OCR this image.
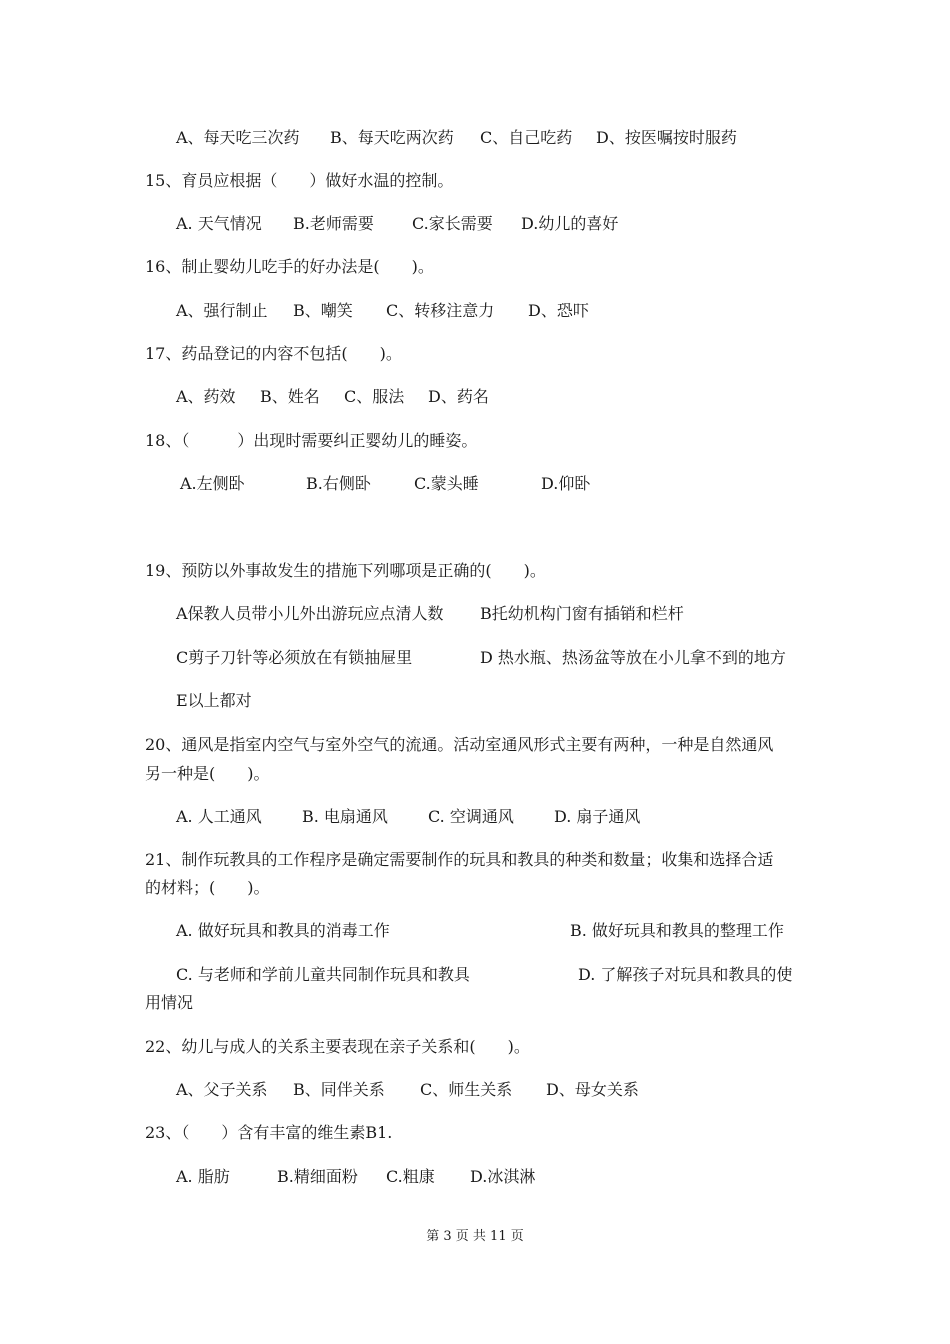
A、每天吃三次药 B、每天吃两次药 C、自己吃药 D、按医嘱按时服药
15、育员应根据（　　）做好水温的控制。
A. 天气情况 B.老师需要 C.家长需要 D.幼儿的喜好
16、制止婴幼儿吃手的好办法是(　　)。
A、强行制止 B、嘲笑 C、转移注意力 D、恐吓
17、药品登记的内容不包括(　　)。
A、药效 B、姓名 C、服法 D、药名
18、（　　　）出现时需要纠正婴幼儿的睡姿。
A.左侧卧	B.右侧卧	C.蒙头睡	D.仰卧
19、预防以外事故发生的措施下列哪项是正确的(　　)。
A保教人员带小儿外出游玩应点清人数 B托幼机构门窗有插销和栏杆
C剪子刀针等必须放在有锁抽屉里	D 热水瓶、热汤盆等放在小儿拿不到的地方
E以上都对
20、通风是指室内空气与室外空气的流通。活动室通风形式主要有两种，一种是自然通风
另一种是(　　)。
A. 人工通风	B. 电扇通风	C. 空调通风	D. 扇子通风
21、制作玩教具的工作程序是确定需要制作的玩具和教具的种类和数量；收集和选择合适
的材料；(　　)。
A. 做好玩具和教具的消毒工作	B. 做好玩具和教具的整理工作
C. 与老师和学前儿童共同制作玩具和教具	D. 了解孩子对玩具和教具的使
用情况
22、幼儿与成人的关系主要表现在亲子关系和(　　)。
A、父子关系 B、同伴关系 C、师生关系 D、母女关系
23、（　　）含有丰富的维生素B1.
A. 脂肪	B.精细面粉 C.粗康 D.冰淇淋
第 3 页 共 11 页
